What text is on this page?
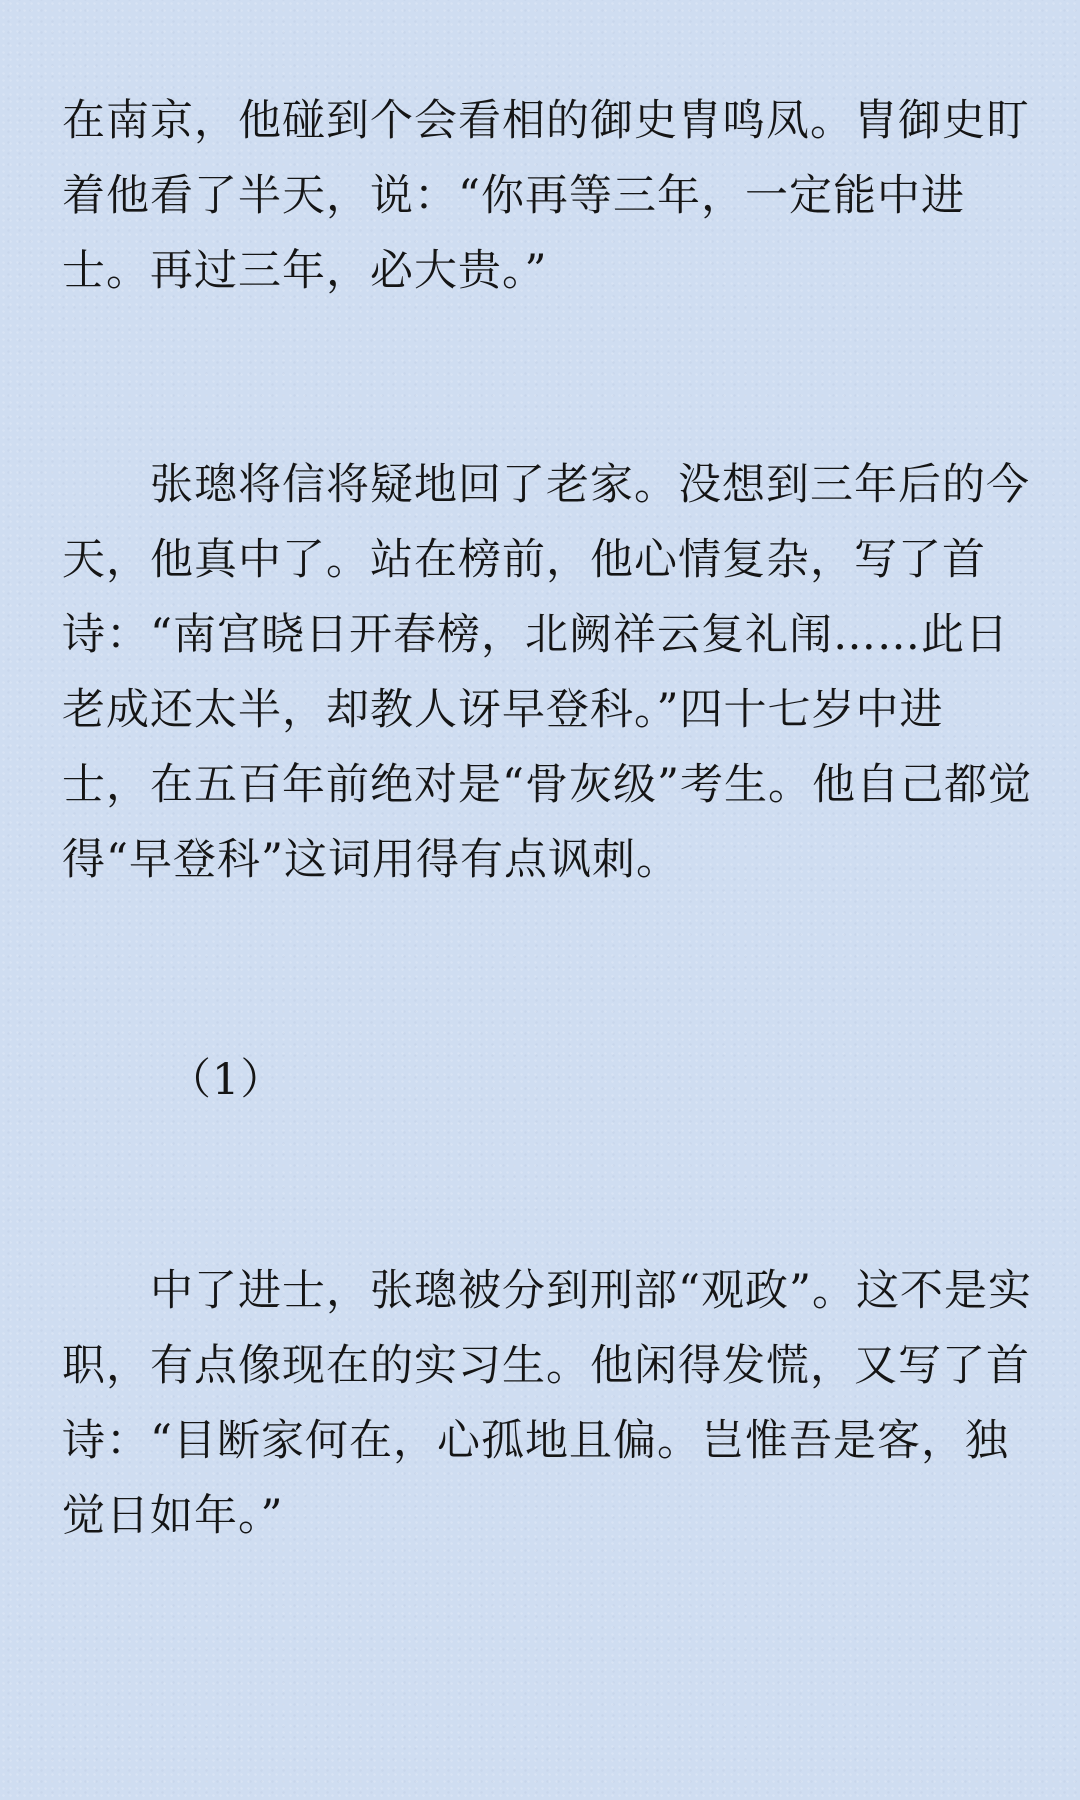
在南京，他碰到个会看相的御史胄鸣凤。胄御史盯
着他看了半天，说：“你再等三年，一定能中进
士。再过三年，必大贵。”

张璁将信将疑地回了老家。没想到三年后的今
天，他真中了。站在榜前，他心情复杂，写了首
诗：“南宫晓日开春榜，北阙祥云复礼闱……此日
老成还太半，却教人讶早登科。”四十七岁中进
士，在五百年前绝对是“骨灰级”考生。他自己都觉
得“早登科”这词用得有点讽刺。

（1）

中了进士，张璁被分到刑部“观政”。这不是实
职，有点像现在的实习生。他闲得发慌，又写了首
诗：“目断家何在，心孤地且偏。岂惟吾是客，独
觉日如年。”
